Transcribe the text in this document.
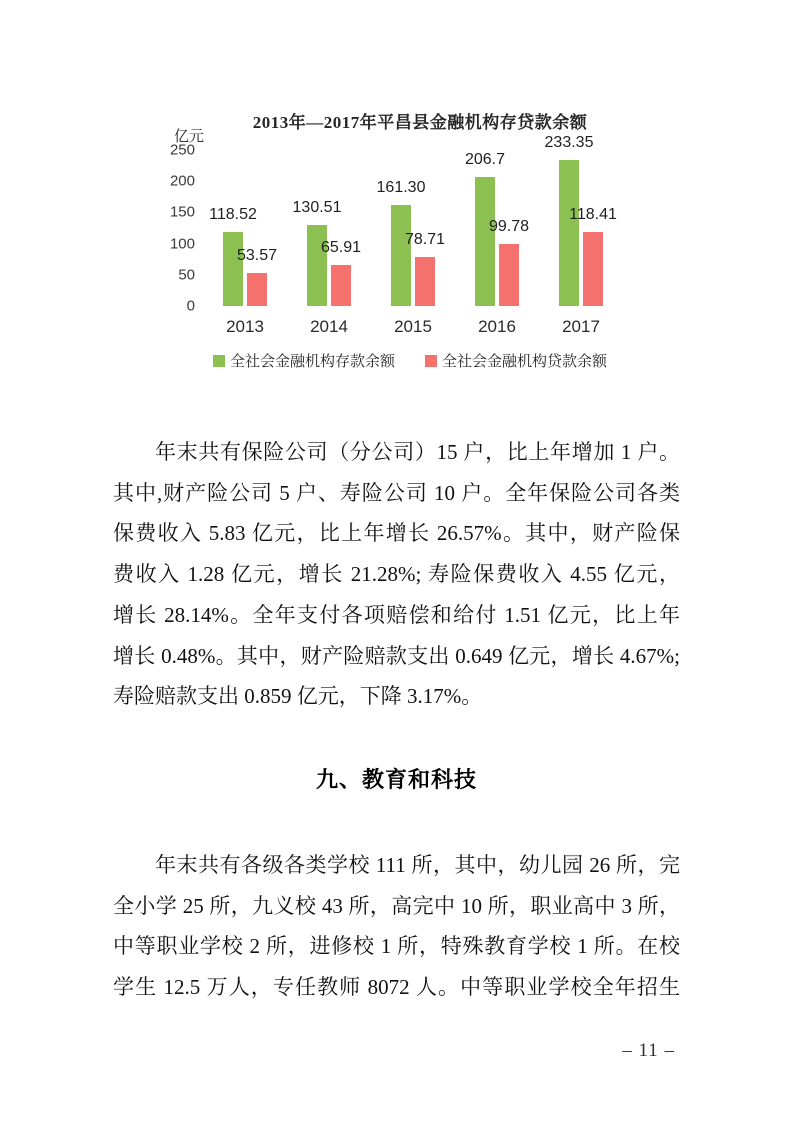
2013年—2017年平昌县金融机构存贷款余额
亿元
0
50
100
150
200
250
118.52
53.57
2013
130.51
65.91
2014
161.30
78.71
2015
206.7
99.78
2016
233.35
118.41
2017
全社会金融机构存款余额	全社会金融机构贷款余额
年末共有保险公司（分公司）15 户，比上年增加 1 户。
其中,财产险公司 5 户、寿险公司 10 户。全年保险公司各类
保费收入 5.83 亿元，比上年增长 26.57%。其中，财产险保
费收入 1.28 亿元，增长 21.28%; 寿险保费收入 4.55 亿元，
增长 28.14%。全年支付各项赔偿和给付 1.51 亿元，比上年
增长 0.48%。其中，财产险赔款支出 0.649 亿元，增长 4.67%;
寿险赔款支出 0.859 亿元，下降 3.17%。
九、教育和科技
年末共有各级各类学校 111 所，其中，幼儿园 26 所，完
全小学 25 所，九义校 43 所，高完中 10 所，职业高中 3 所，
中等职业学校 2 所，进修校 1 所，特殊教育学校 1 所。在校
学生 12.5 万人，专任教师 8072 人。中等职业学校全年招生
– 11 –
